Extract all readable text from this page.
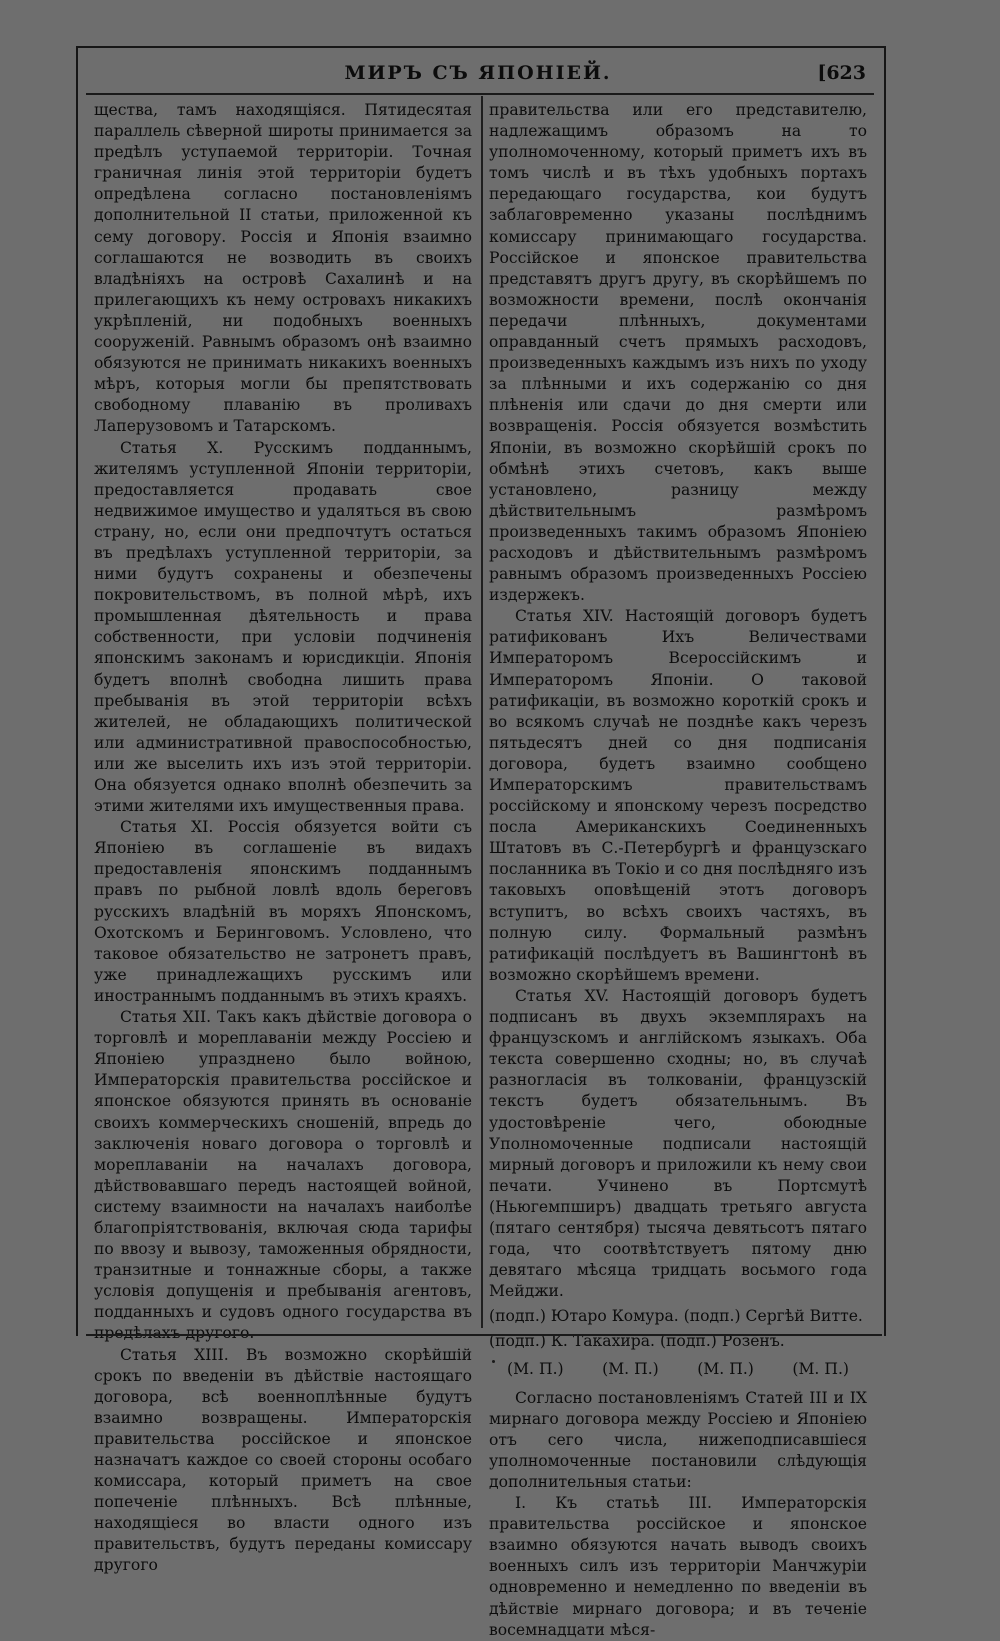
МИРЪ СЪ ЯПОНІЕЙ.	[623

щества, тамъ находящіяся. Пятидесятая параллель сѣверной широты принимается за предѣлъ уступаемой территоріи. Точная граничная линія этой территоріи будетъ опредѣлена согласно постановленіямъ дополнительной II статьи, приложенной къ сему договору. Россія и Японія взаимно соглашаются не возводить въ своихъ владѣніяхъ на островѣ Сахалинѣ и на прилегающихъ къ нему островахъ никакихъ укрѣпленій, ни подобныхъ военныхъ сооруженій. Равнымъ образомъ онѣ взаимно обязуются не принимать никакихъ военныхъ мѣръ, которыя могли бы препятствовать свободному плаванію въ проливахъ Лаперузовомъ и Татарскомъ.

Статья X. Русскимъ подданнымъ, жителямъ уступленной Японіи территоріи, предоставляется продавать свое недвижимое имущество и удаляться въ свою страну, но, если они предпочтутъ остаться въ предѣлахъ уступленной территоріи, за ними будутъ сохранены и обезпечены покровительствомъ, въ полной мѣрѣ, ихъ промышленная дѣятельность и права собственности, при условіи подчиненія японскимъ законамъ и юрисдикціи. Японія будетъ вполнѣ свободна лишить права пребыванія въ этой территоріи всѣхъ жителей, не обладающихъ политической или административной правоспособностью, или же выселить ихъ изъ этой территоріи. Она обязуется однако вполнѣ обезпечить за этими жителями ихъ имущественныя права.

Статья XI. Россія обязуется войти съ Японіею въ соглашеніе въ видахъ предоставленія японскимъ подданнымъ правъ по рыбной ловлѣ вдоль береговъ русскихъ владѣній въ моряхъ Японскомъ, Охотскомъ и Беринговомъ. Условлено, что таковое обязательство не затронетъ правъ, уже принадлежащихъ русскимъ или иностраннымъ подданнымъ въ этихъ краяхъ.

Статья XII. Такъ какъ дѣйствіе договора о торговлѣ и мореплаваніи между Россіею и Японіею упразднено было войною, Императорскія правительства россійское и японское обязуются принять въ основаніе своихъ коммерческихъ сношеній, впредь до заключенія новаго договора о торговлѣ и мореплаваніи на началахъ договора, дѣйствовавшаго передъ настоящей войной, систему взаимности на началахъ наиболѣе благопріятствованія, включая сюда тарифы по ввозу и вывозу, таможенныя обрядности, транзитные и тоннажные сборы, а также условія допущенія и пребыванія агентовъ, подданныхъ и судовъ одного государства въ предѣлахъ другого.

Статья XIII. Въ возможно скорѣйшій срокъ по введеніи въ дѣйствіе настоящаго договора, всѣ военноплѣнные будутъ взаимно возвращены. Императорскія правительства россійское и японское назначатъ каждое со своей стороны особаго комиссара, который приметъ на свое попеченіе плѣнныхъ. Всѣ плѣнные, находящіеся во власти одного изъ правительствъ, будутъ переданы комиссару другого

правительства или его представителю, надлежащимъ образомъ на то уполномоченному, который приметъ ихъ въ томъ числѣ и въ тѣхъ удобныхъ портахъ передающаго государства, кои будутъ заблаговременно указаны послѣднимъ комиссару принимающаго государства. Россійское и японское правительства представятъ другъ другу, въ скорѣйшемъ по возможности времени, послѣ окончанія передачи плѣнныхъ, документами оправданный счетъ прямыхъ расходовъ, произведенныхъ каждымъ изъ нихъ по уходу за плѣнными и ихъ содержанію со дня плѣненія или сдачи до дня смерти или возвращенія. Россія обязуется возмѣстить Японіи, въ возможно скорѣйшій срокъ по обмѣнѣ этихъ счетовъ, какъ выше установлено, разницу между дѣйствительнымъ размѣромъ произведенныхъ такимъ образомъ Японіею расходовъ и дѣйствительнымъ размѣромъ равнымъ образомъ произведенныхъ Россіею издержекъ.

Статья XIV. Настоящій договоръ будетъ ратификованъ Ихъ Величествами Императоромъ Всероссійскимъ и Императоромъ Японіи. О таковой ратификаціи, въ возможно короткій срокъ и во всякомъ случаѣ не позднѣе какъ черезъ пятьдесятъ дней со дня подписанія договора, будетъ взаимно сообщено Императорскимъ правительствамъ россійскому и японскому черезъ посредство посла Американскихъ Соединенныхъ Штатовъ въ С.-Петербургѣ и французскаго посланника въ Токіо и со дня послѣдняго изъ таковыхъ оповѣщеній этотъ договоръ вступитъ, во всѣхъ своихъ частяхъ, въ полную силу. Формальный размѣнъ ратификацій послѣдуетъ въ Вашингтонѣ въ возможно скорѣйшемъ времени.

Статья XV. Настоящій договоръ будетъ подписанъ въ двухъ экземплярахъ на французскомъ и англійскомъ языкахъ. Оба текста совершенно сходны; но, въ случаѣ разногласія въ толкованіи, французскій текстъ будетъ обязательнымъ. Въ удостовѣреніе чего, обоюдные Уполномоченные подписали настоящій мирный договоръ и приложили къ нему свои печати. Учинено въ Портсмутѣ (Ньюгемпширъ) двадцать третьяго августа (пятаго сентября) тысяча девятьсотъ пятаго года, что соотвѣтствуетъ пятому дню девятаго мѣсяца тридцать восьмого года Мейджи.

(подп.) Ютаро Комура. (подп.) Сергѣй Витте.

(подп.) К. Такахира. (подп.) Розенъ.

(М. П.) (М. П.) (М. П.) (М. П.)

Согласно постановленіямъ Статей III и IX мирнаго договора между Россіею и Японіею отъ сего числа, нижеподписавшіеся уполномоченные постановили слѣдующія дополнительныя статьи:

I. Къ статьѣ III. Императорскія правительства россійское и японское взаимно обязуются начать выводъ своихъ военныхъ силъ изъ территоріи Манчжуріи одновременно и немедленно по введеніи въ дѣйствіе мирнаго договора; и въ теченіе восемнадцати мѣся-
